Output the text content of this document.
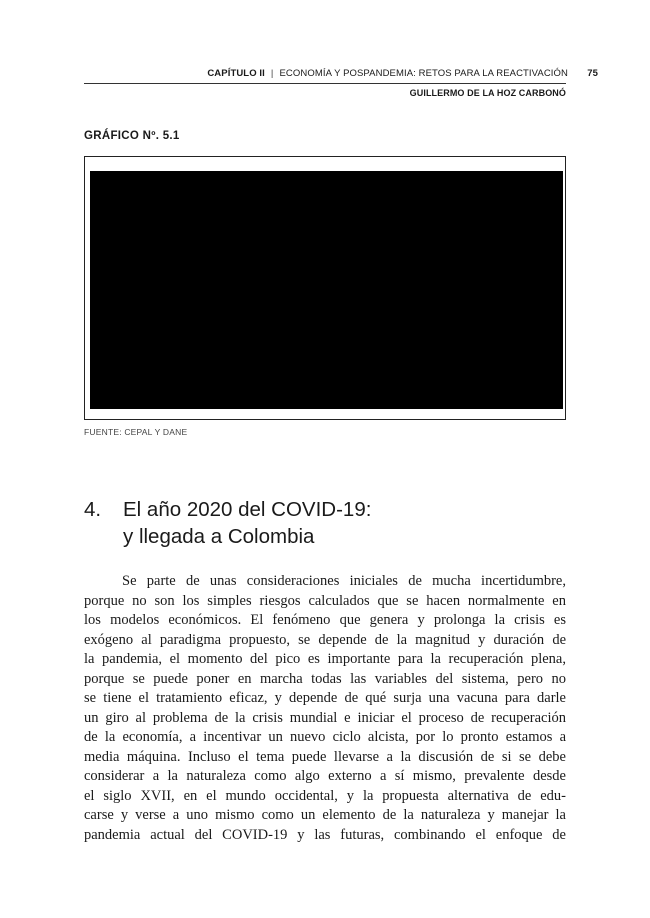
CAPÍTULO II | ECONOMÍA Y POSPANDEMIA: RETOS PARA LA REACTIVACIÓN 75
GUILLERMO DE LA HOZ CARBONÓ
GRÁFICO Nº. 5.1
FUENTE: CEPAL Y DANE
4. El año 2020 del COVID-19:
y llegada a Colombia
Se parte de unas consideraciones iniciales de mucha incertidumbre,
porque no son los simples riesgos calculados que se hacen normalmente en
los modelos económicos. El fenómeno que genera y prolonga la crisis es
exógeno al paradigma propuesto, se depende de la magnitud y duración de
la pandemia, el momento del pico es importante para la recuperación plena,
porque se puede poner en marcha todas las variables del sistema, pero no
se tiene el tratamiento eficaz, y depende de qué surja una vacuna para darle
un giro al problema de la crisis mundial e iniciar el proceso de recuperación
de la economía, a incentivar un nuevo ciclo alcista, por lo pronto estamos a
media máquina. Incluso el tema puede llevarse a la discusión de si se debe
considerar a la naturaleza como algo externo a sí mismo, prevalente desde
el siglo XVII, en el mundo occidental, y la propuesta alternativa de edu-
carse y verse a uno mismo como un elemento de la naturaleza y manejar la
pandemia actual del COVID-19 y las futuras, combinando el enfoque de
